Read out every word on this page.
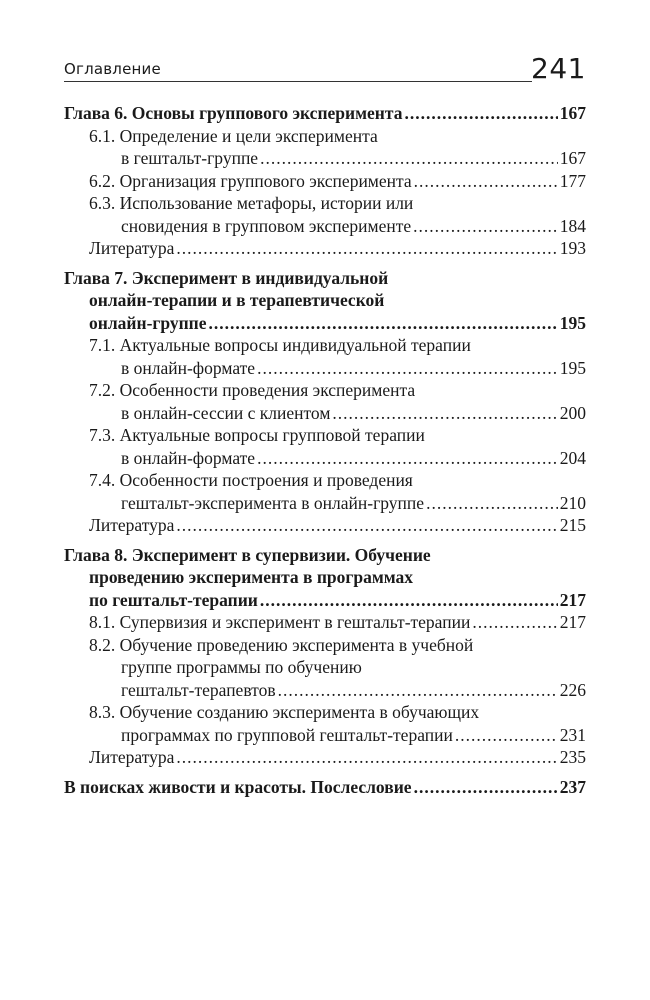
Оглавление	241
Глава 6. Основы группового эксперимента .....	167
6.1. Определение и цели эксперимента
в гештальт-группе .....	167
6.2. Организация группового эксперимента .....	177
6.3. Использование метафоры, истории или
сновидения в групповом эксперименте .....	184
Литература .....	193
Глава 7. Эксперимент в индивидуальной
онлайн-терапии и в терапевтической
онлайн-группе .....	195
7.1. Актуальные вопросы индивидуальной терапии
в онлайн-формате .....	195
7.2. Особенности проведения эксперимента
в онлайн-сессии с клиентом .....	200
7.3. Актуальные вопросы групповой терапии
в онлайн-формате .....	204
7.4. Особенности построения и проведения
гештальт-эксперимента в онлайн-группе .....	210
Литература .....	215
Глава 8. Эксперимент в супервизии. Обучение
проведению эксперимента в программах
по гештальт-терапии .....	217
8.1. Супервизия и эксперимент в гештальт-терапии .....	217
8.2. Обучение проведению эксперимента в учебной
группе программы по обучению
гештальт-терапевтов .....	226
8.3. Обучение созданию эксперимента в обучающих
программах по групповой гештальт-терапии .....	231
Литература .....	235
В поисках живости и красоты. Послесловие .....	237
